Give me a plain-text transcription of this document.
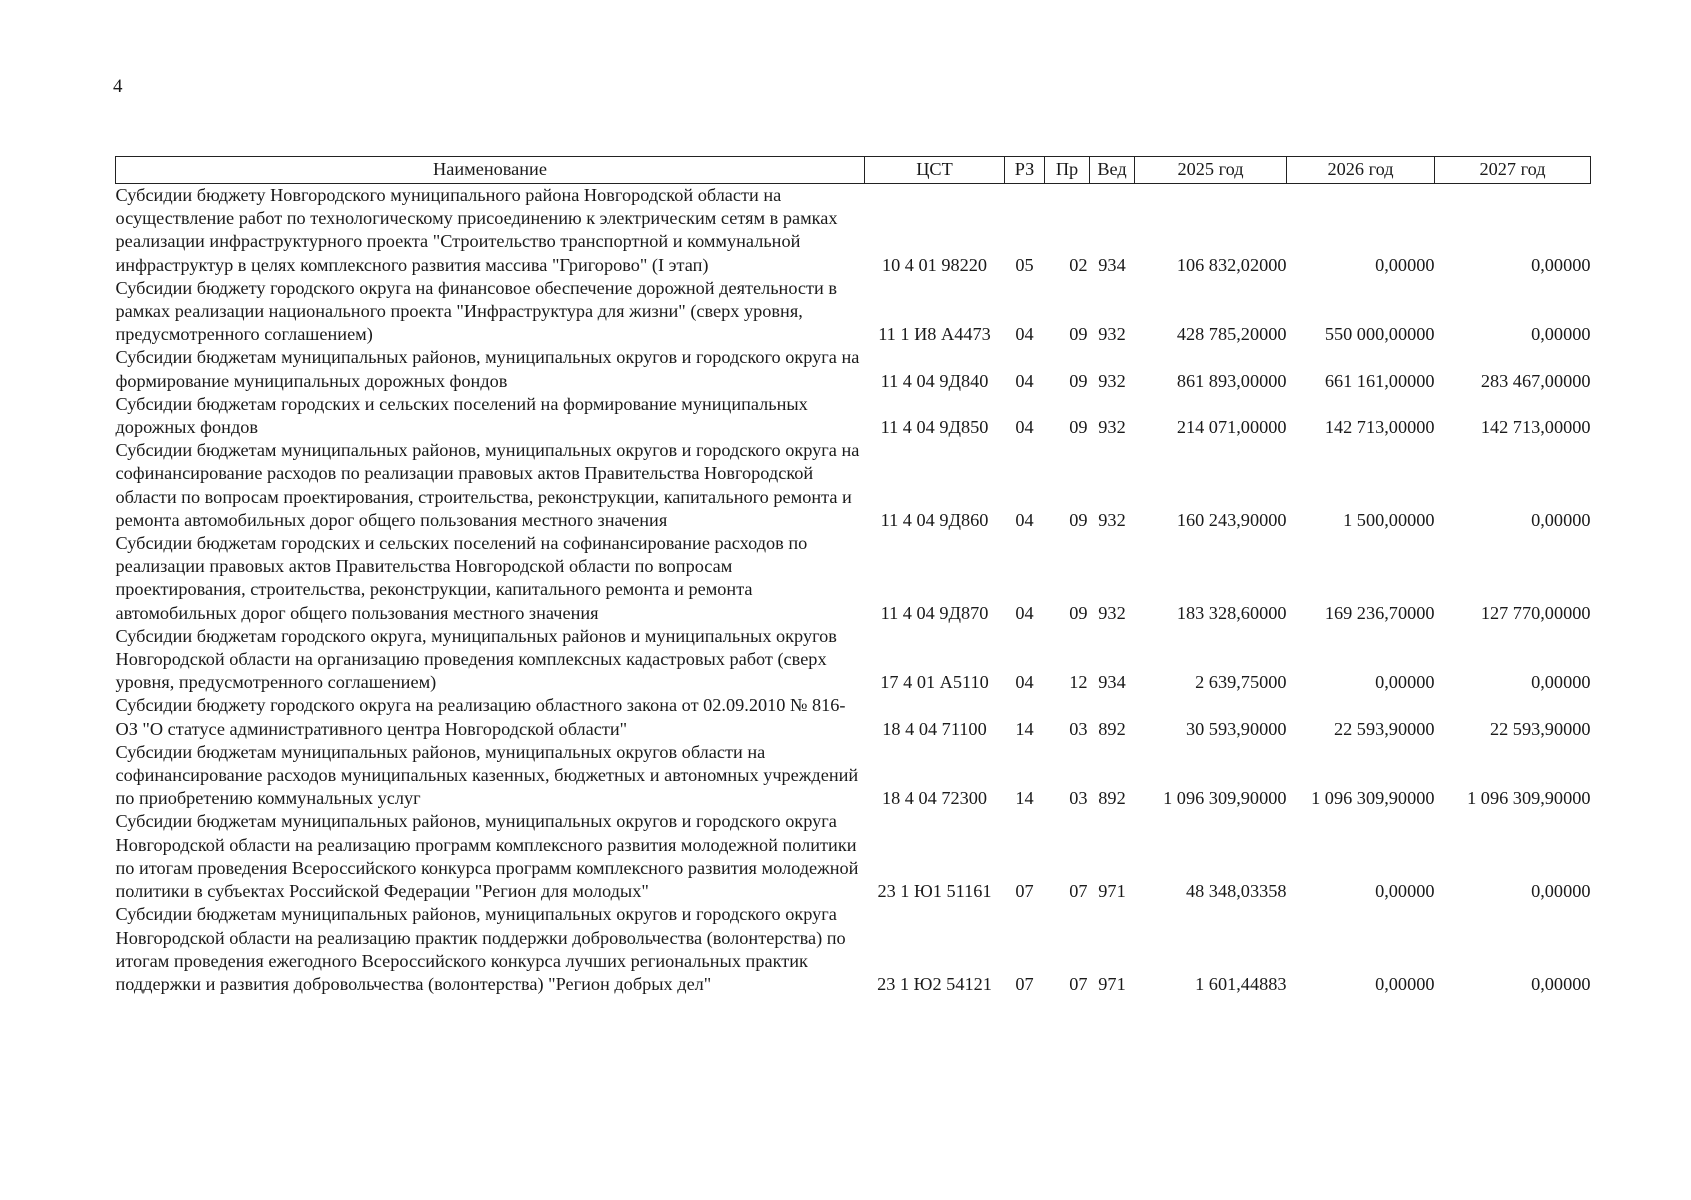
4
Наименование	ЦСТ	РЗ	Пр	Вед	2025 год	2026 год	2027 год
Субсидии бюджету Новгородского муниципального района Новгородской области на осуществление работ по технологическому присоединению к электрическим сетям в рамках реализации инфраструктурного проекта "Строительство транспортной и коммунальной инфраструктур в целях комплексного развития массива "Григорово" (I этап)	10 4 01 98220	05	02	934	106 832,02000	0,00000	0,00000
Субсидии бюджету городского округа на финансовое обеспечение дорожной деятельности в рамках реализации национального проекта "Инфраструктура для жизни" (сверх уровня, предусмотренного соглашением)	11 1 И8 А4473	04	09	932	428 785,20000	550 000,00000	0,00000
Субсидии бюджетам муниципальных районов, муниципальных округов и городского округа на формирование муниципальных дорожных фондов	11 4 04 9Д840	04	09	932	861 893,00000	661 161,00000	283 467,00000
Субсидии бюджетам городских и сельских поселений на формирование муниципальных дорожных фондов	11 4 04 9Д850	04	09	932	214 071,00000	142 713,00000	142 713,00000
Субсидии бюджетам муниципальных районов, муниципальных округов и городского округа на софинансирование расходов по реализации правовых актов Правительства Новгородской области по вопросам проектирования, строительства, реконструкции, капитального ремонта и ремонта автомобильных дорог общего пользования местного значения	11 4 04 9Д860	04	09	932	160 243,90000	1 500,00000	0,00000
Субсидии бюджетам городских и сельских поселений на софинансирование расходов по реализации правовых актов Правительства Новгородской области по вопросам проектирования, строительства, реконструкции, капитального ремонта и ремонта автомобильных дорог общего пользования местного значения	11 4 04 9Д870	04	09	932	183 328,60000	169 236,70000	127 770,00000
Субсидии бюджетам городского округа, муниципальных районов и муниципальных округов Новгородской области на организацию проведения комплексных кадастровых работ (сверх уровня, предусмотренного соглашением)	17 4 01 А5110	04	12	934	2 639,75000	0,00000	0,00000
Субсидии бюджету городского округа на реализацию областного закона от 02.09.2010 № 816-ОЗ "О статусе административного центра Новгородской области"	18 4 04 71100	14	03	892	30 593,90000	22 593,90000	22 593,90000
Субсидии бюджетам муниципальных районов, муниципальных округов области на софинансирование расходов муниципальных казенных, бюджетных и автономных учреждений по приобретению коммунальных услуг	18 4 04 72300	14	03	892	1 096 309,90000	1 096 309,90000	1 096 309,90000
Субсидии бюджетам муниципальных районов, муниципальных округов и городского округа Новгородской области на реализацию программ комплексного развития молодежной политики по итогам проведения Всероссийского конкурса программ комплексного развития молодежной политики в субъектах Российской Федерации "Регион для молодых"	23 1 Ю1 51161	07	07	971	48 348,03358	0,00000	0,00000
Субсидии бюджетам муниципальных районов, муниципальных округов и городского округа Новгородской области на реализацию практик поддержки добровольчества (волонтерства) по итогам проведения ежегодного Всероссийского конкурса лучших региональных практик поддержки и развития добровольчества (волонтерства) "Регион добрых дел"	23 1 Ю2 54121	07	07	971	1 601,44883	0,00000	0,00000
